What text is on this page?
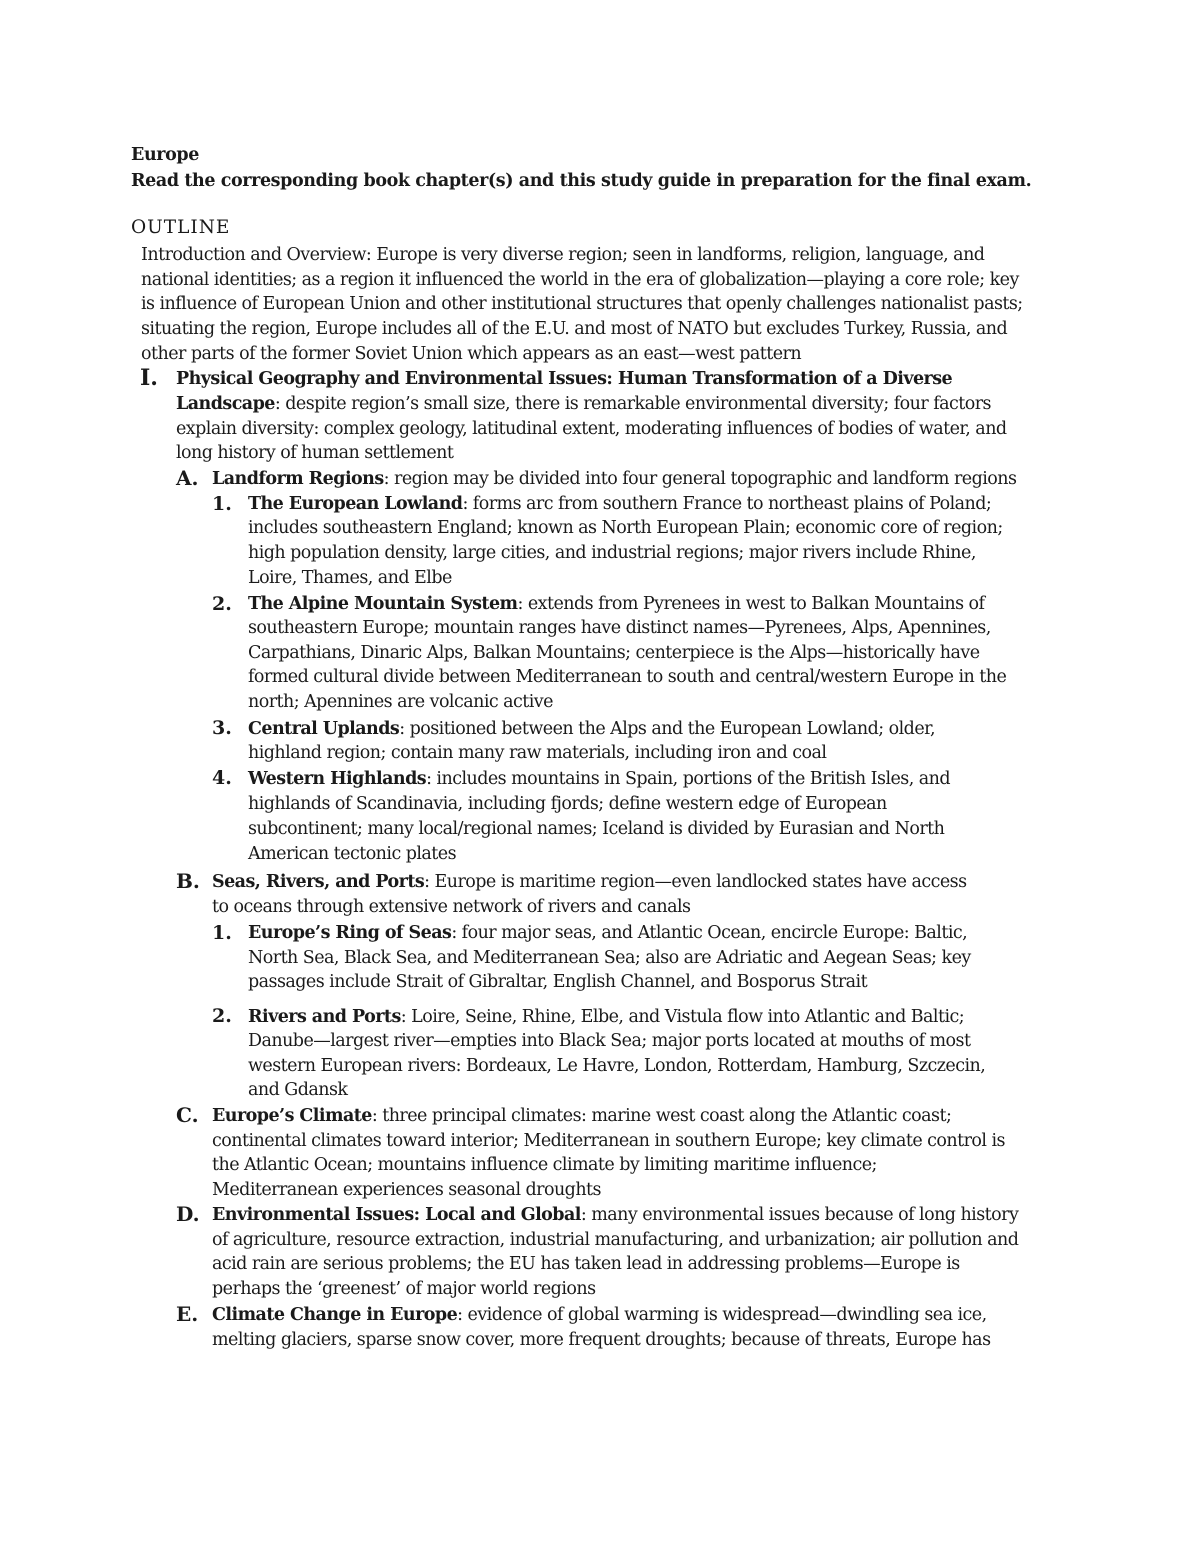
Europe
Read the corresponding book chapter(s) and this study guide in preparation for the final exam.
OUTLINE
Introduction and Overview: Europe is very diverse region; seen in landforms, religion, language, and
national identities; as a region it influenced the world in the era of globalization—playing a core role; key
is influence of European Union and other institutional structures that openly challenges nationalist pasts;
situating the region, Europe includes all of the E.U. and most of NATO but excludes Turkey, Russia, and
other parts of the former Soviet Union which appears as an east—west pattern
I. Physical Geography and Environmental Issues: Human Transformation of a Diverse
Landscape: despite region’s small size, there is remarkable environmental diversity; four factors
explain diversity: complex geology, latitudinal extent, moderating influences of bodies of water, and
long history of human settlement
A. Landform Regions: region may be divided into four general topographic and landform regions
1. The European Lowland: forms arc from southern France to northeast plains of Poland;
includes southeastern England; known as North European Plain; economic core of region;
high population density, large cities, and industrial regions; major rivers include Rhine,
Loire, Thames, and Elbe
2. The Alpine Mountain System: extends from Pyrenees in west to Balkan Mountains of
southeastern Europe; mountain ranges have distinct names—Pyrenees, Alps, Apennines,
Carpathians, Dinaric Alps, Balkan Mountains; centerpiece is the Alps—historically have
formed cultural divide between Mediterranean to south and central/western Europe in the
north; Apennines are volcanic active
3. Central Uplands: positioned between the Alps and the European Lowland; older,
highland region; contain many raw materials, including iron and coal
4. Western Highlands: includes mountains in Spain, portions of the British Isles, and
highlands of Scandinavia, including fjords; define western edge of European
subcontinent; many local/regional names; Iceland is divided by Eurasian and North
American tectonic plates
B. Seas, Rivers, and Ports: Europe is maritime region—even landlocked states have access
to oceans through extensive network of rivers and canals
1. Europe’s Ring of Seas: four major seas, and Atlantic Ocean, encircle Europe: Baltic,
North Sea, Black Sea, and Mediterranean Sea; also are Adriatic and Aegean Seas; key
passages include Strait of Gibraltar, English Channel, and Bosporus Strait
2. Rivers and Ports: Loire, Seine, Rhine, Elbe, and Vistula flow into Atlantic and Baltic;
Danube—largest river—empties into Black Sea; major ports located at mouths of most
western European rivers: Bordeaux, Le Havre, London, Rotterdam, Hamburg, Szczecin,
and Gdansk
C. Europe’s Climate: three principal climates: marine west coast along the Atlantic coast;
continental climates toward interior; Mediterranean in southern Europe; key climate control is
the Atlantic Ocean; mountains influence climate by limiting maritime influence;
Mediterranean experiences seasonal droughts
D. Environmental Issues: Local and Global: many environmental issues because of long history
of agriculture, resource extraction, industrial manufacturing, and urbanization; air pollution and
acid rain are serious problems; the EU has taken lead in addressing problems—Europe is
perhaps the ‘greenest’ of major world regions
E. Climate Change in Europe: evidence of global warming is widespread—dwindling sea ice,
melting glaciers, sparse snow cover, more frequent droughts; because of threats, Europe has
